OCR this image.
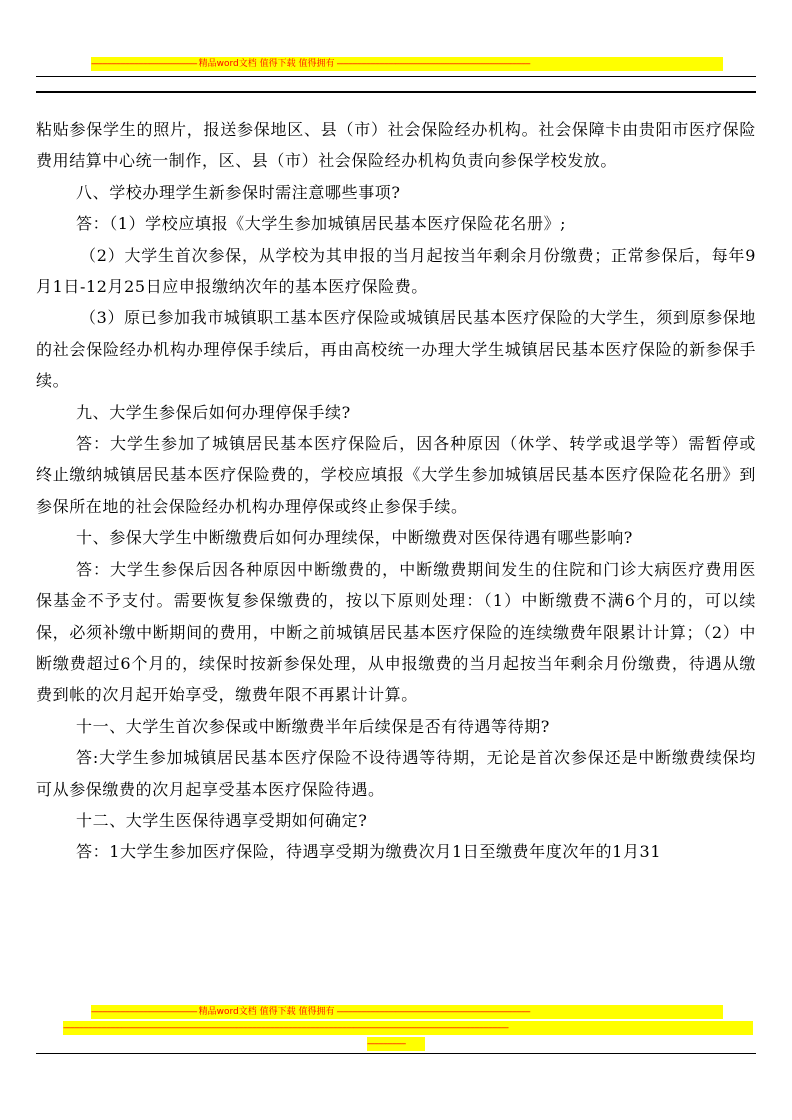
----------------------------------------------- 精品word文档 值得下载 值得拥有 --------------------------------------------------------------------------------------

粘贴参保学生的照片，报送参保地区、县（市）社会保险经办机构。社会保障卡由贵阳市医疗保险费用结算中心统一制作，区、县（市）社会保险经办机构负责向参保学校发放。

八、学校办理学生新参保时需注意哪些事项?

答：（1）学校应填报《大学生参加城镇居民基本医疗保险花名册》;

（2）大学生首次参保，从学校为其申报的当月起按当年剩余月份缴费；正常参保后，每年9月1日-12月25日应申报缴纳次年的基本医疗保险费。

（3）原已参加我市城镇职工基本医疗保险或城镇居民基本医疗保险的大学生，须到原参保地的社会保险经办机构办理停保手续后，再由高校统一办理大学生城镇居民基本医疗保险的新参保手续。

九、大学生参保后如何办理停保手续?

答：大学生参加了城镇居民基本医疗保险后，因各种原因（休学、转学或退学等）需暂停或终止缴纳城镇居民基本医疗保险费的，学校应填报《大学生参加城镇居民基本医疗保险花名册》到参保所在地的社会保险经办机构办理停保或终止参保手续。

十、参保大学生中断缴费后如何办理续保，中断缴费对医保待遇有哪些影响?

答：大学生参保后因各种原因中断缴费的，中断缴费期间发生的住院和门诊大病医疗费用医保基金不予支付。需要恢复参保缴费的，按以下原则处理：（1）中断缴费不满6个月的，可以续保，必须补缴中断期间的费用，中断之前城镇居民基本医疗保险的连续缴费年限累计计算；（2）中断缴费超过6个月的，续保时按新参保处理，从申报缴费的当月起按当年剩余月份缴费，待遇从缴费到帐的次月起开始享受，缴费年限不再累计计算。

十一、大学生首次参保或中断缴费半年后续保是否有待遇等待期?

答:大学生参加城镇居民基本医疗保险不设待遇等待期，无论是首次参保还是中断缴费续保均可从参保缴费的次月起享受基本医疗保险待遇。

十二、大学生医保待遇享受期如何确定?

答：1大学生参加医疗保险，待遇享受期为缴费次月1日至缴费年度次年的1月31

----------------------------------------------- 精品word文档 值得下载 值得拥有 --------------------------------------------------------------------------------------
------------------------------------------------------------------------------------------------------------------------------------------------------------------------------------------------------
-----------------
